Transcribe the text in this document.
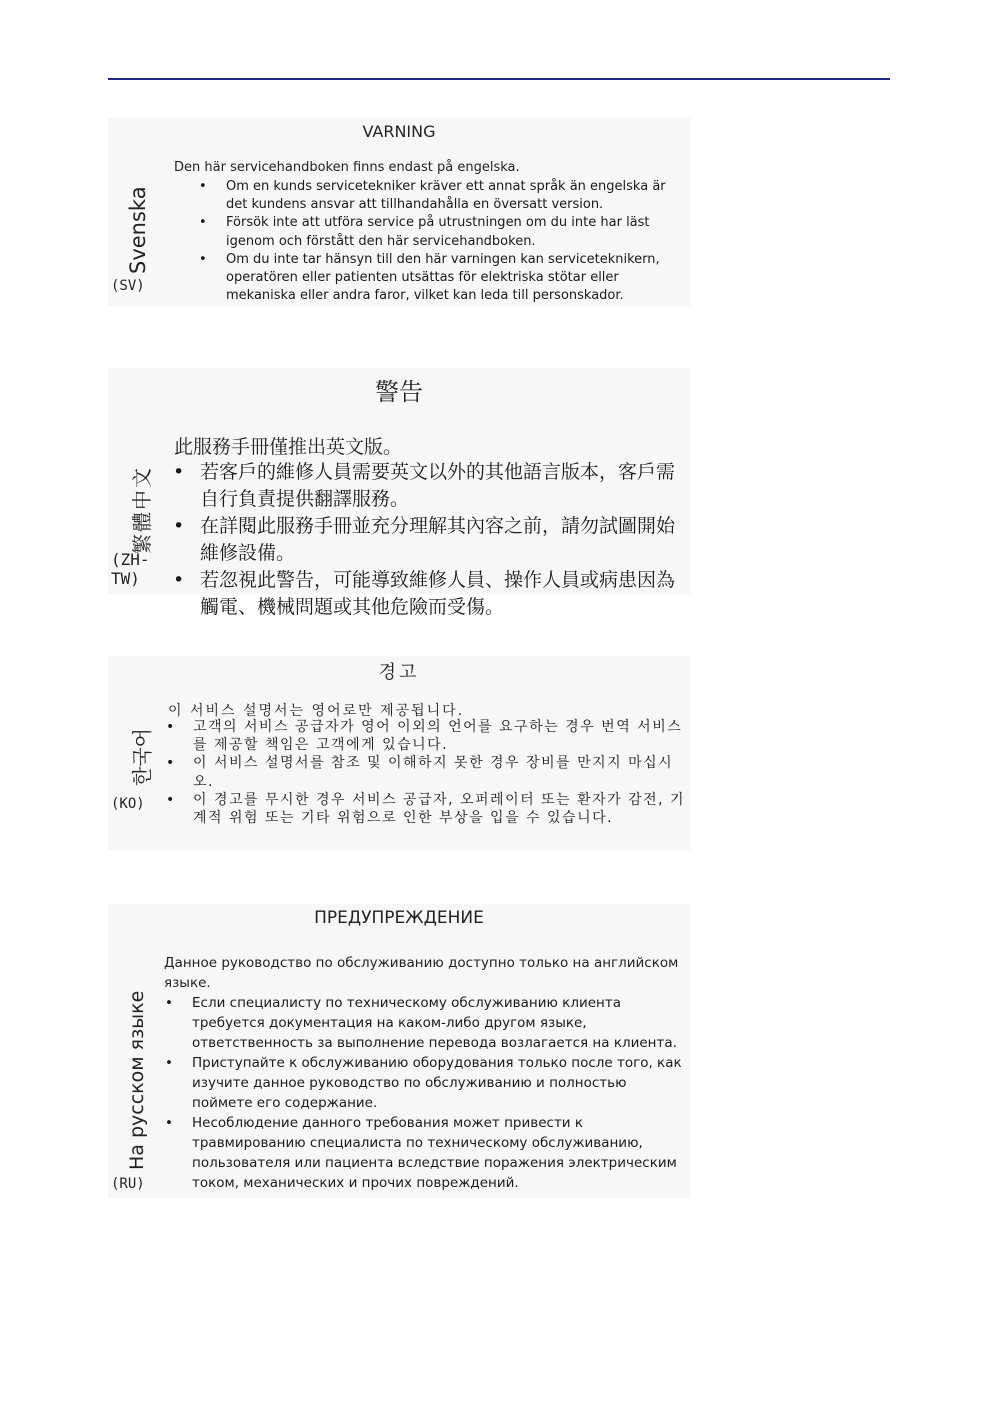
Svenska
(SV)
VARNING
Den här servicehandboken finns endast på engelska.
• Om en kunds servicetekniker kräver ett annat språk än engelska är det kundens ansvar att tillhandahålla en översatt version.
• Försök inte att utföra service på utrustningen om du inte har läst igenom och förstått den här servicehandboken.
• Om du inte tar hänsyn till den här varningen kan serviceteknikern, operatören eller patienten utsättas för elektriska stötar eller mekaniska eller andra faror, vilket kan leda till personskador.
繁體中文
(ZH-TW)
警告
此服務手冊僅推出英文版。
• 若客戶的維修人員需要英文以外的其他語言版本，客戶需自行負責提供翻譯服務。
• 在詳閱此服務手冊並充分理解其內容之前，請勿試圖開始維修設備。
• 若忽視此警告，可能導致維修人員、操作人員或病患因為觸電、機械問題或其他危險而受傷。
한국어
(KO)
경고
이 서비스 설명서는 영어로만 제공됩니다.
• 고객의 서비스 공급자가 영어 이외의 언어를 요구하는 경우 번역 서비스를 제공할 책임은 고객에게 있습니다.
• 이 서비스 설명서를 참조 및 이해하지 못한 경우 장비를 만지지 마십시오.
• 이 경고를 무시한 경우 서비스 공급자, 오퍼레이터 또는 환자가 감전, 기계적 위험 또는 기타 위험으로 인한 부상을 입을 수 있습니다.
На русском языке
(RU)
ПРЕДУПРЕЖДЕНИЕ
Данное руководство по обслуживанию доступно только на английском языке.
• Если специалисту по техническому обслуживанию клиента требуется документация на каком-либо другом языке, ответственность за выполнение перевода возлагается на клиента.
• Приступайте к обслуживанию оборудования только после того, как изучите данное руководство по обслуживанию и полностью поймете его содержание.
• Несоблюдение данного требования может привести к травмированию специалиста по техническому обслуживанию, пользователя или пациента вследствие поражения электрическим током, механических и прочих повреждений.
